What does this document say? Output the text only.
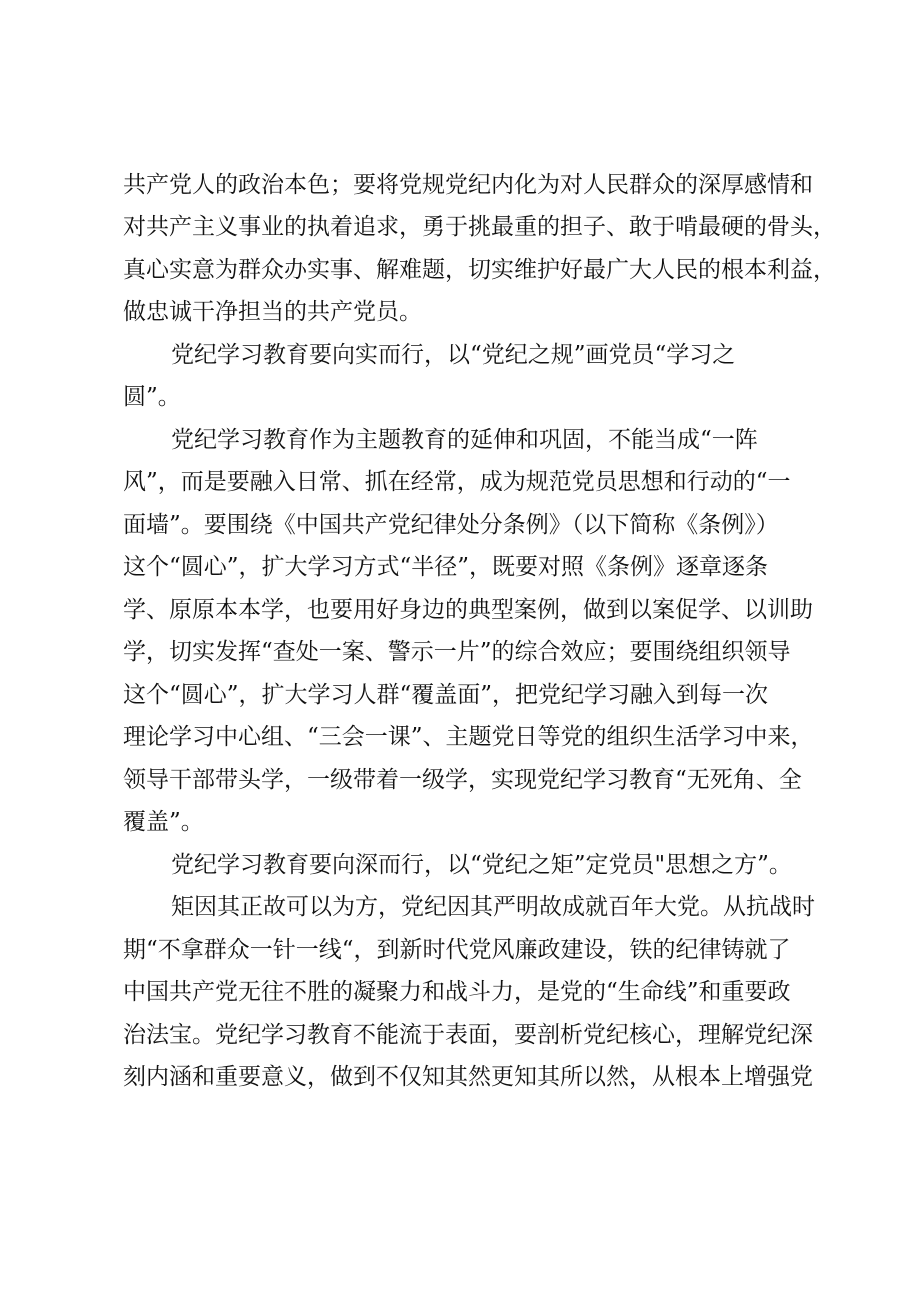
共产党人的政治本色；要将党规党纪内化为对人民群众的深厚感情和

对共产主义事业的执着追求，勇于挑最重的担子、敢于啃最硬的骨头，

真心实意为群众办实事、解难题，切实维护好最广大人民的根本利益，

做忠诚干净担当的共产党员。

党纪学习教育要向实而行，以“党纪之规”画党员“学习之

圆”。

党纪学习教育作为主题教育的延伸和巩固，不能当成“一阵

风”，而是要融入日常、抓在经常，成为规范党员思想和行动的“一

面墙”。要围绕《中国共产党纪律处分条例》（以下简称《条例》）

这个“圆心”，扩大学习方式“半径”，既要对照《条例》逐章逐条

学、原原本本学，也要用好身边的典型案例，做到以案促学、以训助

学，切实发挥“查处一案、警示一片”的综合效应；要围绕组织领导

这个“圆心”，扩大学习人群“覆盖面”，把党纪学习融入到每一次

理论学习中心组、“三会一课”、主题党日等党的组织生活学习中来，

领导干部带头学，一级带着一级学，实现党纪学习教育“无死角、全

覆盖”。

党纪学习教育要向深而行，以“党纪之矩”定党员"思想之方”。

矩因其正故可以为方，党纪因其严明故成就百年大党。从抗战时

期“不拿群众一针一线“，到新时代党风廉政建设，铁的纪律铸就了

中国共产党无往不胜的凝聚力和战斗力，是党的“生命线”和重要政

治法宝。党纪学习教育不能流于表面，要剖析党纪核心，理解党纪深

刻内涵和重要意义，做到不仅知其然更知其所以然，从根本上增强党
